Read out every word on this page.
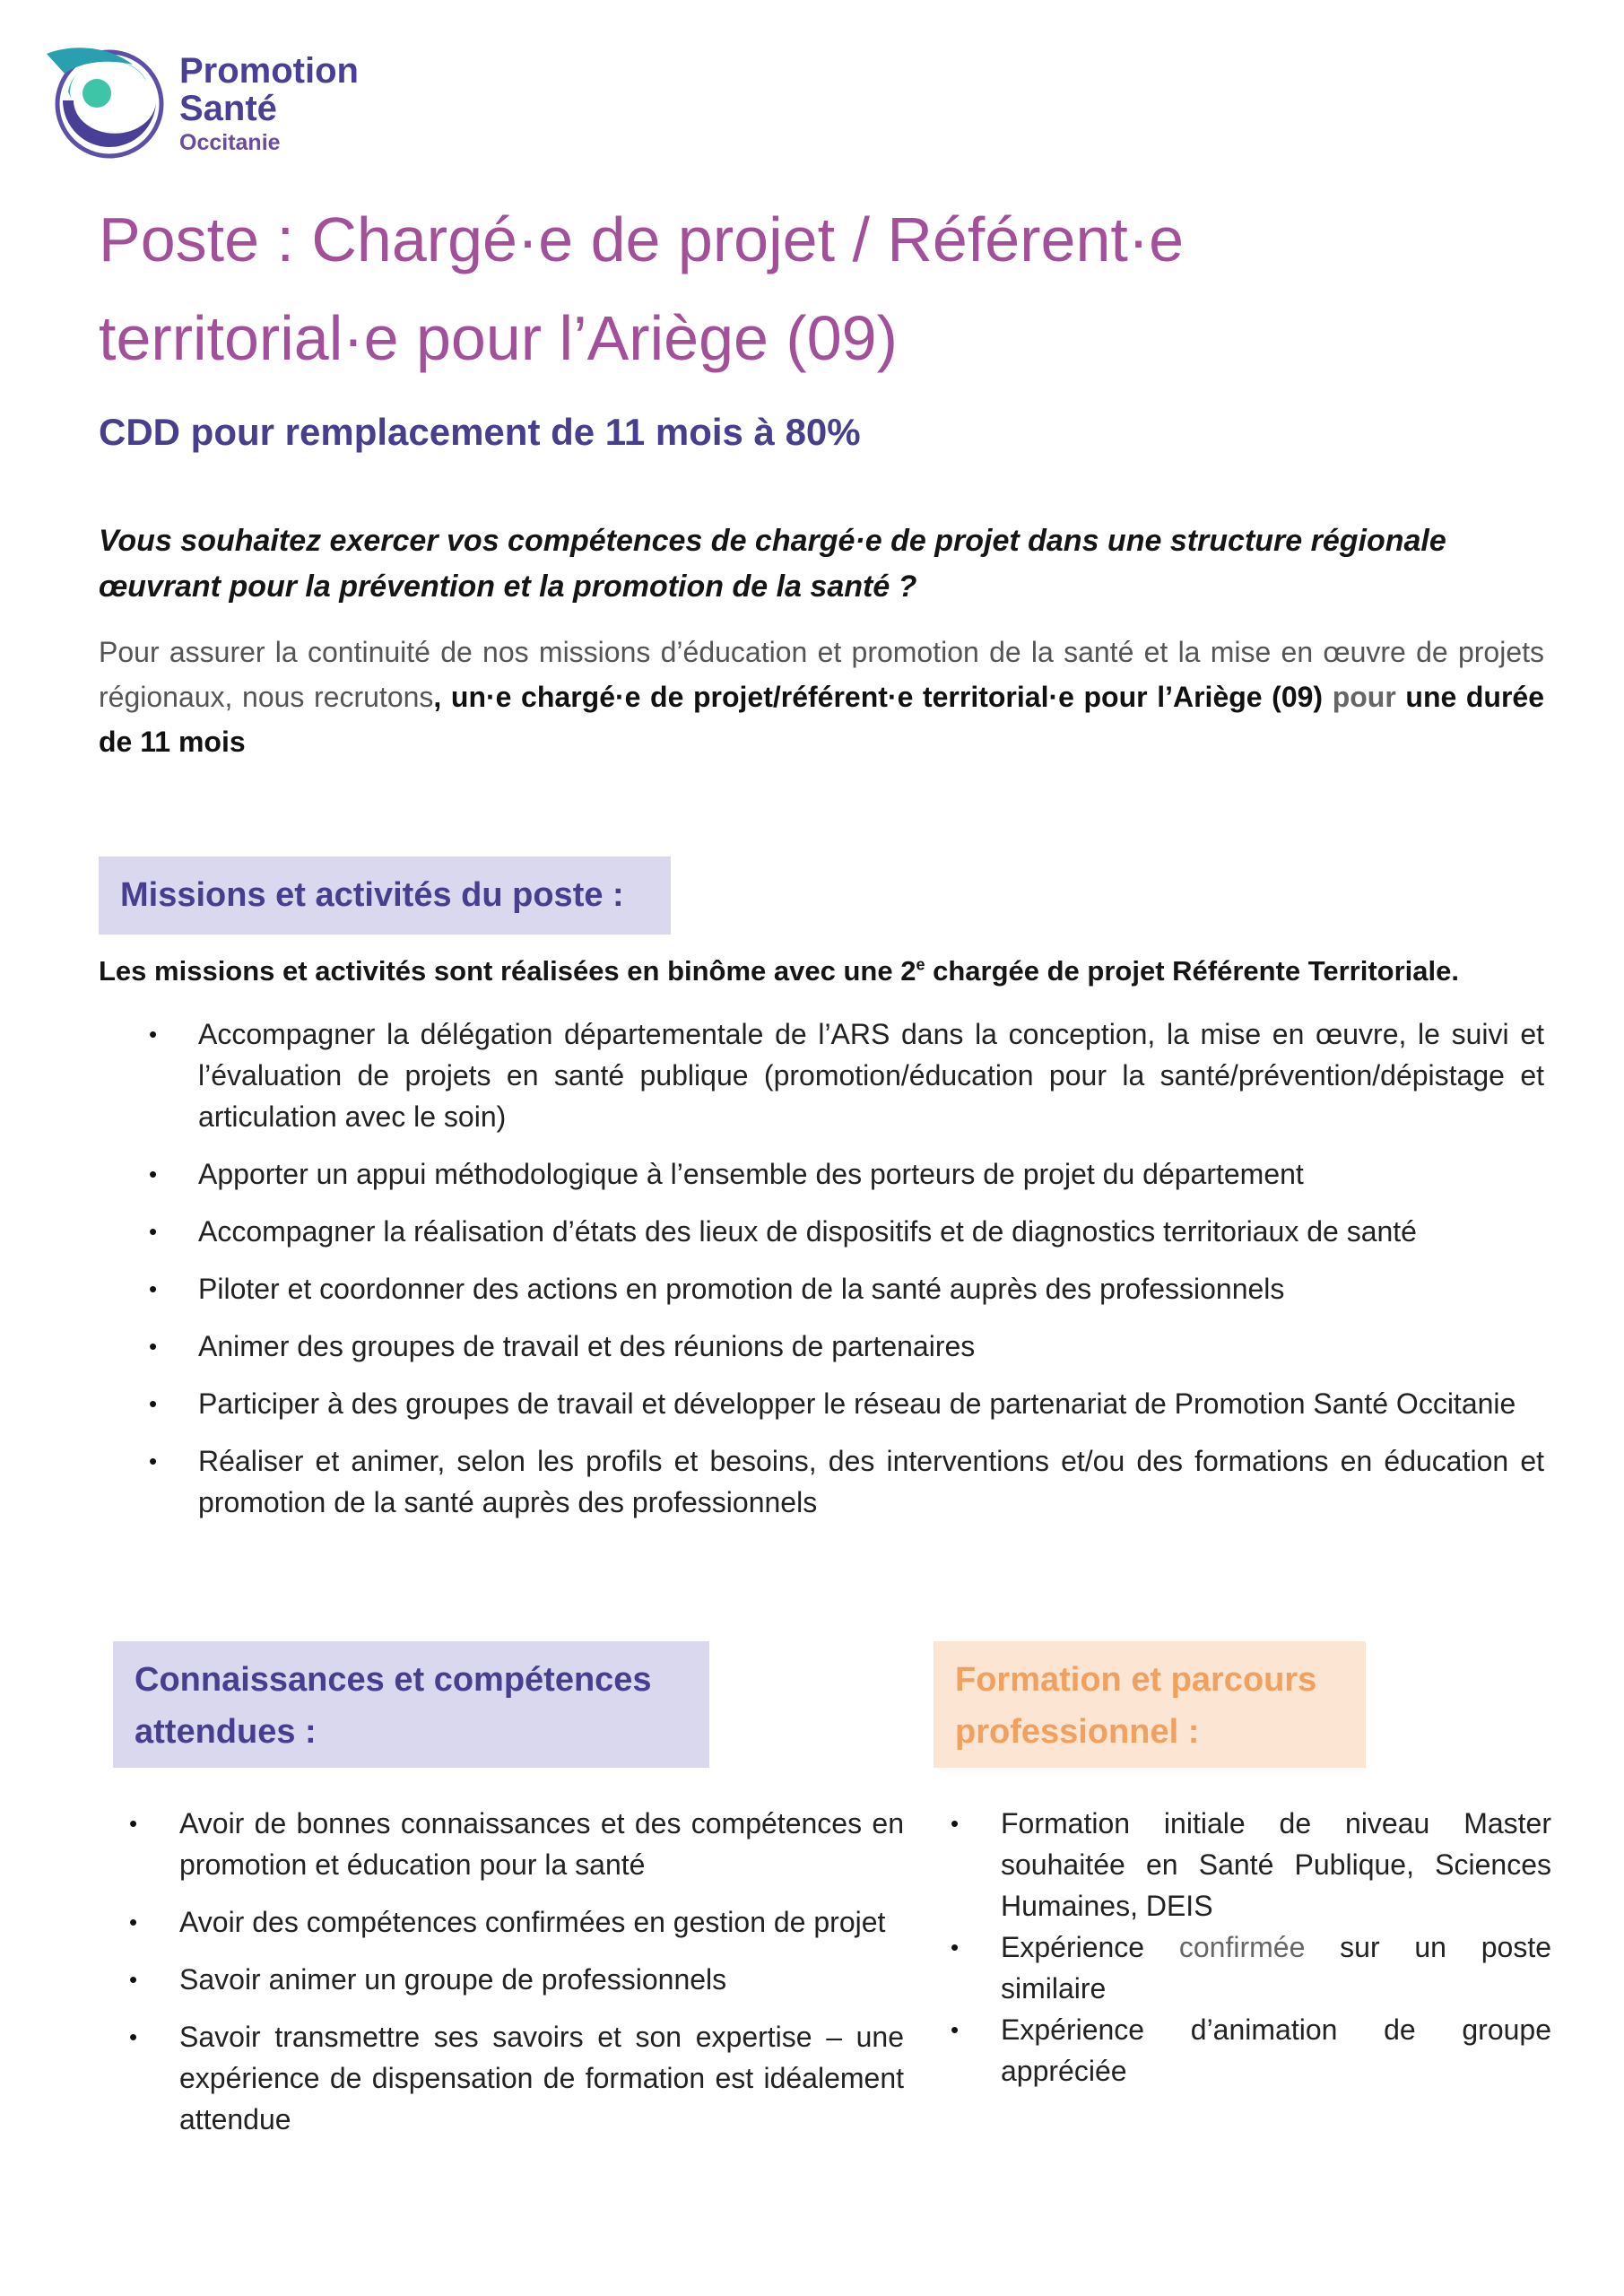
Promotion
Santé
Occitanie
Poste : Chargé·e de projet / Référent·e territorial·e pour l’Ariège (09)
CDD pour remplacement de 11 mois à 80%

Vous souhaitez exercer vos compétences de chargé·e de projet dans une structure régionale œuvrant pour la prévention et la promotion de la santé ?

Pour assurer la continuité de nos missions d’éducation et promotion de la santé et la mise en œuvre de projets régionaux, nous recrutons, un·e chargé·e de projet/référent·e territorial·e pour l’Ariège (09) pour une durée de 11 mois

Missions et activités du poste :

Les missions et activités sont réalisées en binôme avec une 2e chargée de projet Référente Territoriale.

• Accompagner la délégation départementale de l’ARS dans la conception, la mise en œuvre, le suivi et l’évaluation de projets en santé publique (promotion/éducation pour la santé/prévention/dépistage et articulation avec le soin)
• Apporter un appui méthodologique à l’ensemble des porteurs de projet du département
• Accompagner la réalisation d’états des lieux de dispositifs et de diagnostics territoriaux de santé
• Piloter et coordonner des actions en promotion de la santé auprès des professionnels
• Animer des groupes de travail et des réunions de partenaires
• Participer à des groupes de travail et développer le réseau de partenariat de Promotion Santé Occitanie
• Réaliser et animer, selon les profils et besoins, des interventions et/ou des formations en éducation et promotion de la santé auprès des professionnels
Connaissances et compétences
attendues :
• Avoir de bonnes connaissances et des compétences en promotion et éducation pour la santé
• Avoir des compétences confirmées en gestion de projet
• Savoir animer un groupe de professionnels
• Savoir transmettre ses savoirs et son expertise – une expérience de dispensation de formation est idéalement attendue
Formation et parcours
professionnel :
• Formation initiale de niveau Master souhaitée en Santé Publique, Sciences Humaines, DEIS
• Expérience confirmée sur un poste similaire
• Expérience d’animation de groupe appréciée
